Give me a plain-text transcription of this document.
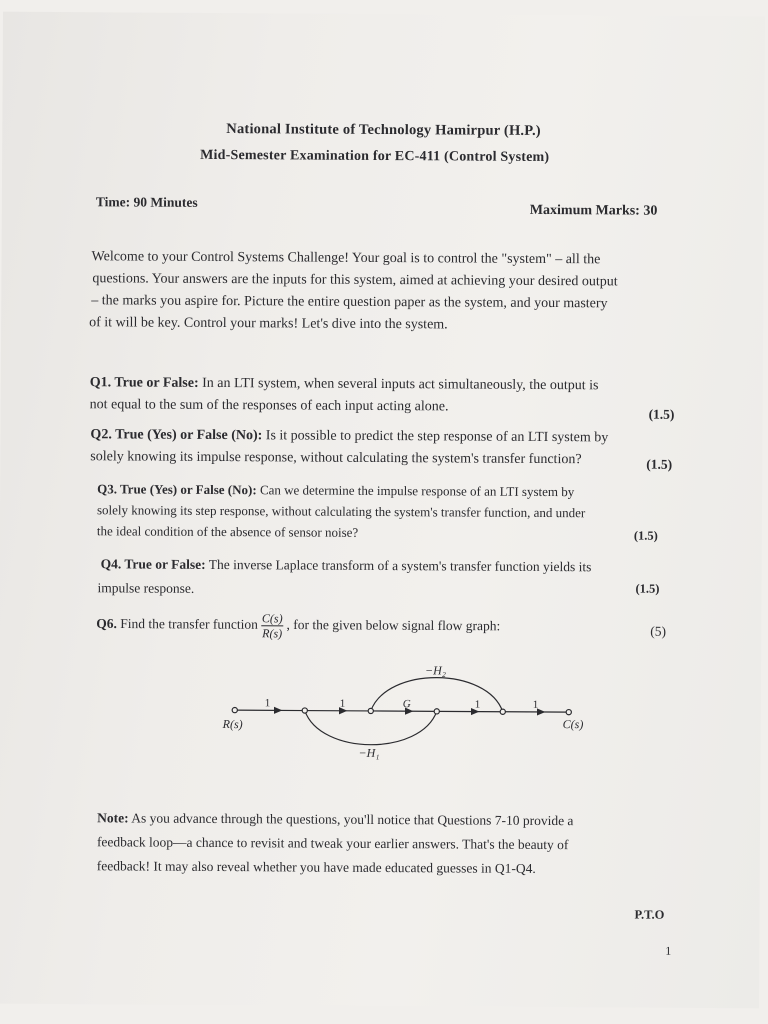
National Institute of Technology Hamirpur (H.P.)
Mid-Semester Examination for EC-411 (Control System)
Time: 90 Minutes
Maximum Marks: 30
Welcome to your Control Systems Challenge! Your goal is to control the "system" – all the
questions. Your answers are the inputs for this system, aimed at achieving your desired output
– the marks you aspire for. Picture the entire question paper as the system, and your mastery
of it will be key. Control your marks! Let's dive into the system.
Q1. True or False: In an LTI system, when several inputs act simultaneously, the output is
not equal to the sum of the responses of each input acting alone.	(1.5)
Q2. True (Yes) or False (No): Is it possible to predict the step response of an LTI system by
solely knowing its impulse response, without calculating the system's transfer function?	(1.5)
Q3. True (Yes) or False (No): Can we determine the impulse response of an LTI system by
solely knowing its step response, without calculating the system's transfer function, and under
the ideal condition of the absence of sensor noise?	(1.5)
Q4. True or False: The inverse Laplace transform of a system's transfer function yields its
impulse response.	(1.5)
Q6. Find the transfer function $\frac{C(s)}{R(s)}$ , for the given below signal flow graph:	(5)
1	1	G	1	1
R(s)	C(s)
−H₂
−H₁
Note: As you advance through the questions, you'll notice that Questions 7-10 provide a
feedback loop—a chance to revisit and tweak your earlier answers. That's the beauty of
feedback! It may also reveal whether you have made educated guesses in Q1-Q4.
P.T.O
1
